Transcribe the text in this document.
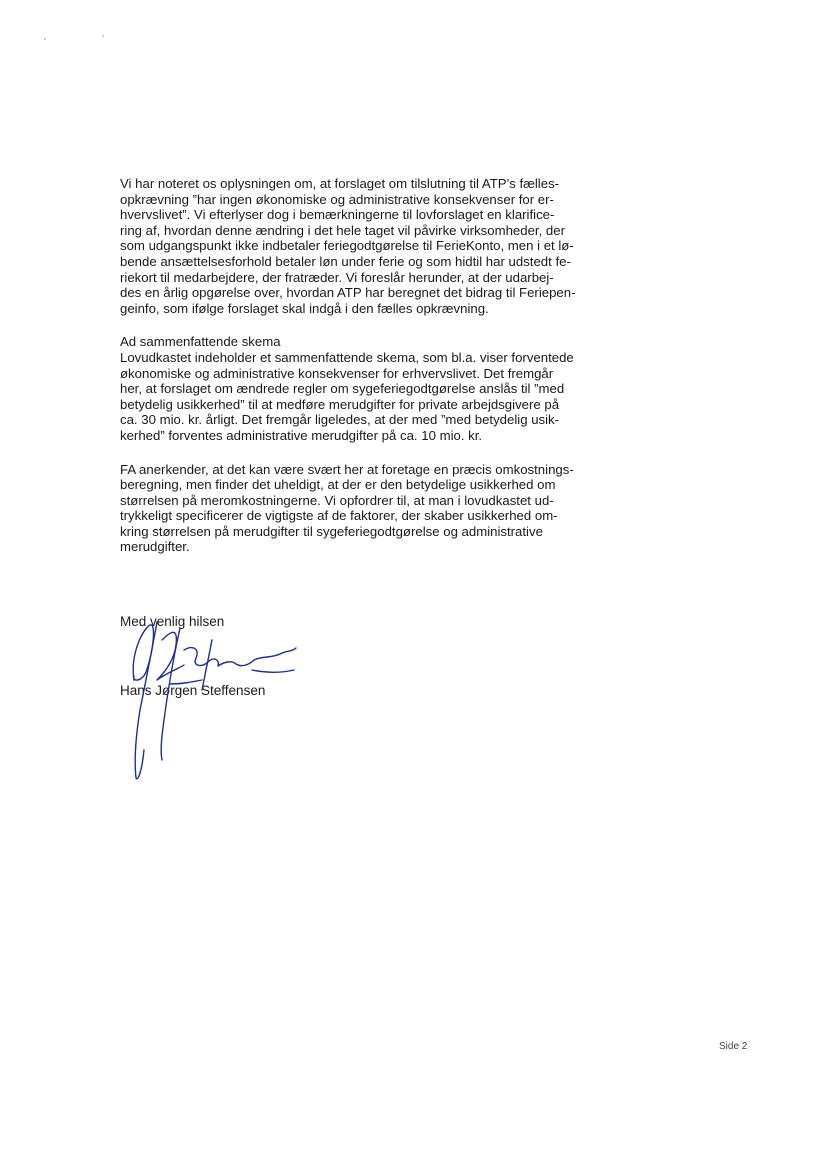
Vi har noteret os oplysningen om, at forslaget om tilslutning til ATP’s fælles-
opkrævning ”har ingen økonomiske og administrative konsekvenser for er-
hvervslivet”. Vi efterlyser dog i bemærkningerne til lovforslaget en klarifice-
ring af, hvordan denne ændring i det hele taget vil påvirke virksomheder, der
som udgangspunkt ikke indbetaler feriegodtgørelse til FerieKonto, men i et lø-
bende ansættelsesforhold betaler løn under ferie og som hidtil har udstedt fe-
riekort til medarbejdere, der fratræder. Vi foreslår herunder, at der udarbej-
des en årlig opgørelse over, hvordan ATP har beregnet det bidrag til Feriepen-
geinfo, som ifølge forslaget skal indgå i den fælles opkrævning.
Ad sammenfattende skema
Lovudkastet indeholder et sammenfattende skema, som bl.a. viser forventede
økonomiske og administrative konsekvenser for erhvervslivet. Det fremgår
her, at forslaget om ændrede regler om sygeferiegodtgørelse anslås til ”med
betydelig usikkerhed” til at medføre merudgifter for private arbejdsgivere på
ca. 30 mio. kr. årligt. Det fremgår ligeledes, at der med ”med betydelig usik-
kerhed” forventes administrative merudgifter på ca. 10 mio. kr.
FA anerkender, at det kan være svært her at foretage en præcis omkostnings-
beregning, men finder det uheldigt, at der er den betydelige usikkerhed om
størrelsen på meromkostningerne. Vi opfordrer til, at man i lovudkastet ud-
trykkeligt specificerer de vigtigste af de faktorer, der skaber usikkerhed om-
kring størrelsen på merudgifter til sygeferiegodtgørelse og administrative
merudgifter.
Med venlig hilsen
Hans Jørgen Steffensen
Side 2
